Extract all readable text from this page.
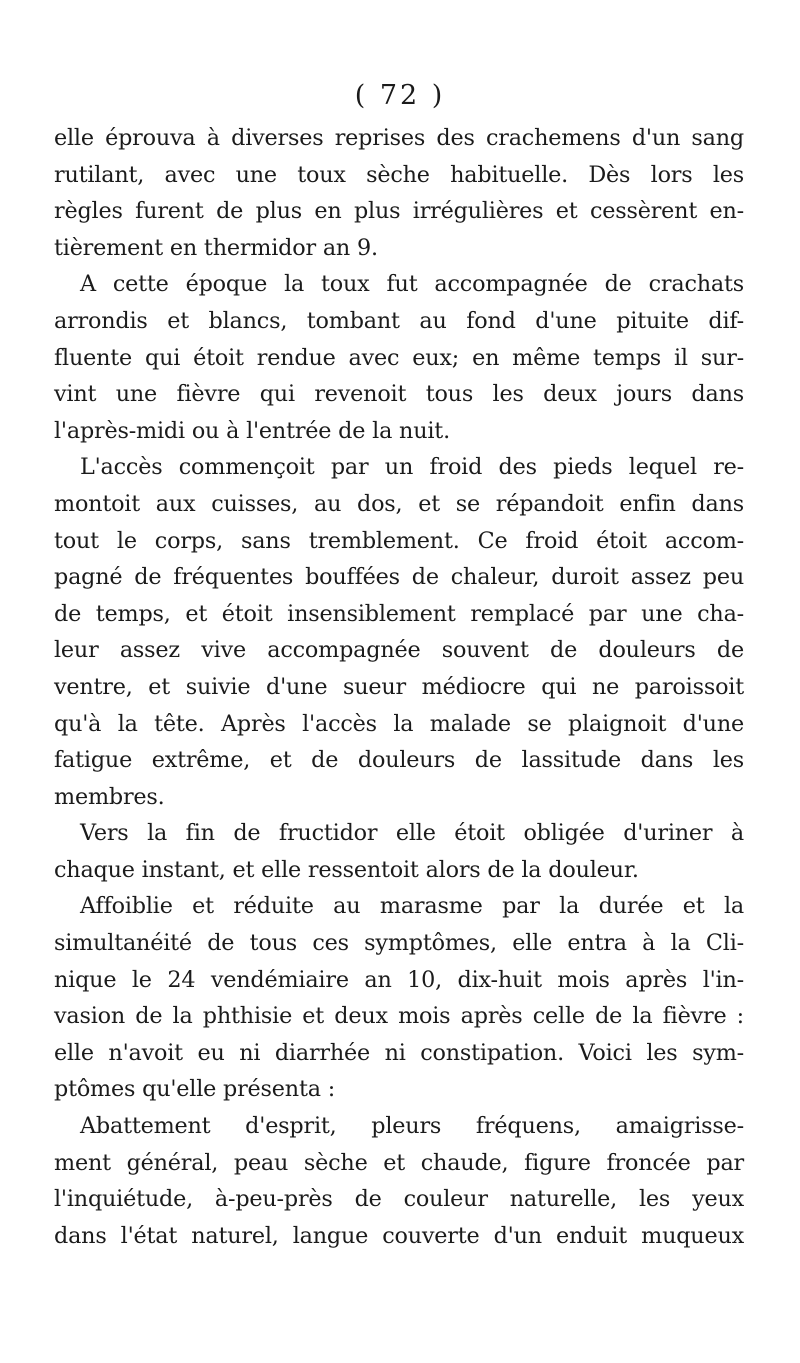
( 72 )
elle éprouva à diverses reprises des crachemens d'un sang
rutilant, avec une toux sèche habituelle. Dès lors les
règles furent de plus en plus irrégulières et cessèrent en-
tièrement en thermidor an 9.
A cette époque la toux fut accompagnée de crachats
arrondis et blancs, tombant au fond d'une pituite dif-
fluente qui étoit rendue avec eux; en même temps il sur-
vint une fièvre qui revenoit tous les deux jours dans
l'après-midi ou à l'entrée de la nuit.
L'accès commençoit par un froid des pieds lequel re-
montoit aux cuisses, au dos, et se répandoit enfin dans
tout le corps, sans tremblement. Ce froid étoit accom-
pagné de fréquentes bouffées de chaleur, duroit assez peu
de temps, et étoit insensiblement remplacé par une cha-
leur assez vive accompagnée souvent de douleurs de
ventre, et suivie d'une sueur médiocre qui ne paroissoit
qu'à la tête. Après l'accès la malade se plaignoit d'une
fatigue extrême, et de douleurs de lassitude dans les
membres.
Vers la fin de fructidor elle étoit obligée d'uriner à
chaque instant, et elle ressentoit alors de la douleur.
Affoiblie et réduite au marasme par la durée et la
simultanéité de tous ces symptômes, elle entra à la Cli-
nique le 24 vendémiaire an 10, dix-huit mois après l'in-
vasion de la phthisie et deux mois après celle de la fièvre :
elle n'avoit eu ni diarrhée ni constipation. Voici les sym-
ptômes qu'elle présenta :
Abattement d'esprit, pleurs fréquens, amaigrisse-
ment général, peau sèche et chaude, figure froncée par
l'inquiétude, à-peu-près de couleur naturelle, les yeux
dans l'état naturel, langue couverte d'un enduit muqueux
